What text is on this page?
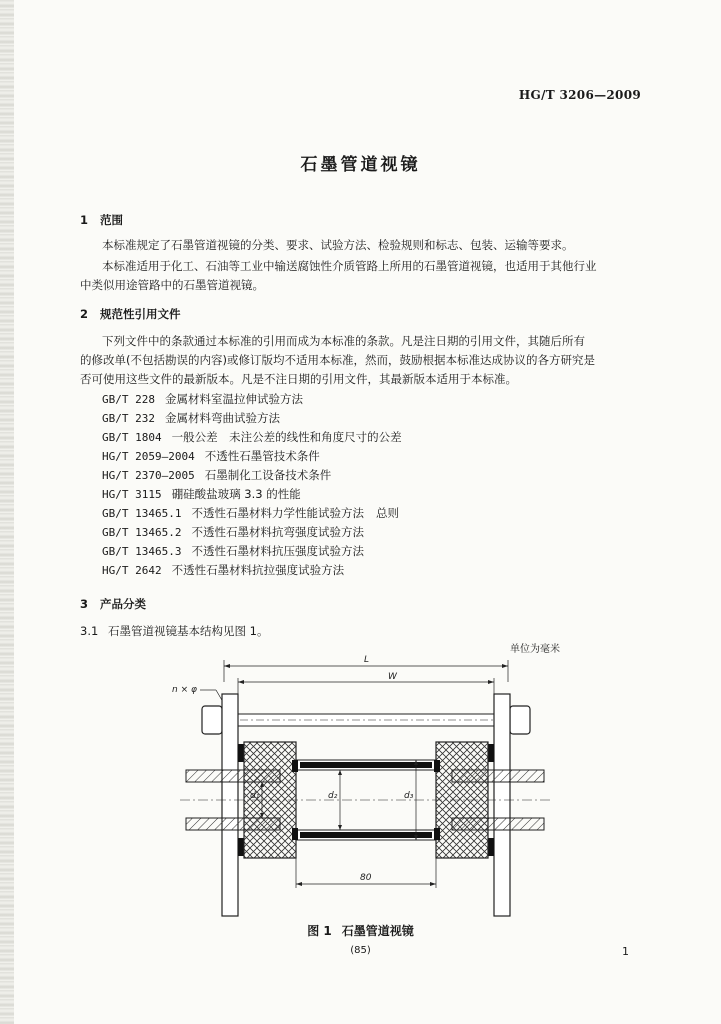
HG/T 3206—2009
石墨管道视镜
1 范围
本标准规定了石墨管道视镜的分类、要求、试验方法、检验规则和标志、包装、运输等要求。
本标准适用于化工、石油等工业中输送腐蚀性介质管路上所用的石墨管道视镜，也适用于其他行业
中类似用途管路中的石墨管道视镜。
2 规范性引用文件
下列文件中的条款通过本标准的引用而成为本标准的条款。凡是注日期的引用文件，其随后所有
的修改单(不包括勘误的内容)或修订版均不适用本标准，然而，鼓励根据本标准达成协议的各方研究是
否可使用这些文件的最新版本。凡是不注日期的引用文件，其最新版本适用于本标准。
GB/T 228 金属材料室温拉伸试验方法
GB/T 232 金属材料弯曲试验方法
GB/T 1804 一般公差　未注公差的线性和角度尺寸的公差
HG/T 2059—2004 不透性石墨管技术条件
HG/T 2370—2005 石墨制化工设备技术条件
HG/T 3115 硼硅酸盐玻璃 3.3 的性能
GB/T 13465.1 不透性石墨材料力学性能试验方法 总则
GB/T 13465.2 不透性石墨材料抗弯强度试验方法
GB/T 13465.3 不透性石墨材料抗压强度试验方法
HG/T 2642 不透性石墨材料抗拉强度试验方法
3 产品分类
3.1 石墨管道视镜基本结构见图 1。
单位为毫米
L
W
n × φ
d₁	d₂	d₃
80
图 1 石墨管道视镜
(85)	1
